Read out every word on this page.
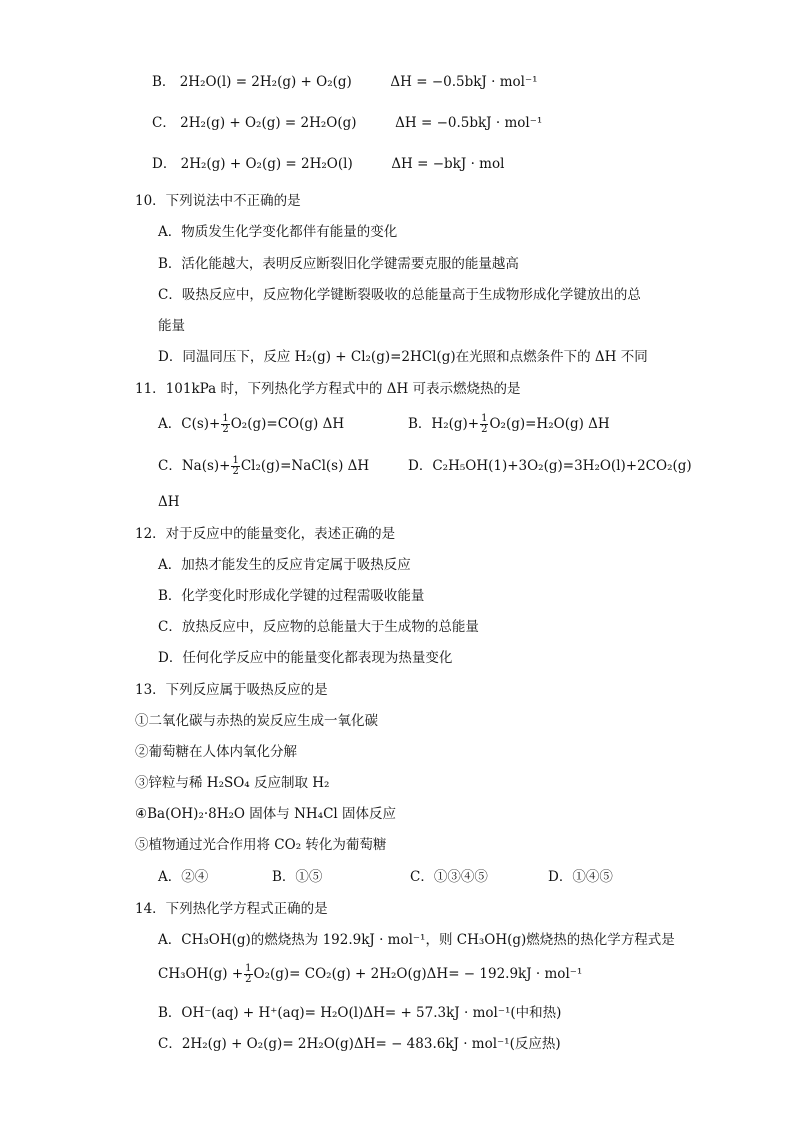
B． 2H₂O(l) = 2H₂(g) + O₂(g)	ΔH = −0.5bkJ · mol⁻¹
C． 2H₂(g) + O₂(g) = 2H₂O(g)	ΔH = −0.5bkJ · mol⁻¹
D． 2H₂(g) + O₂(g) = 2H₂O(l)	ΔH = −bkJ · mol
10．下列说法中不正确的是
A．物质发生化学变化都伴有能量的变化
B．活化能越大，表明反应断裂旧化学键需要克服的能量越高
C．吸热反应中，反应物化学键断裂吸收的总能量高于生成物形成化学键放出的总
能量
D．同温同压下，反应 H₂(g) + Cl₂(g)=2HCl(g)在光照和点燃条件下的 ΔH 不同
11．101kPa 时，下列热化学方程式中的 ΔH 可表示燃烧热的是
A．$C(s)+ \frac{1}{2} O_2(g)=CO(g)$ ΔH	B．$H_2(g)+ \frac{1}{2} O_2(g)=H_2O(g)$ ΔH
C．$Na(s)+ \frac{1}{2}$ Cl₂(g)=NaCl(s) ΔH	D．C₂H₅OH(1)+3O₂(g)=3H₂O(l)+2CO₂(g)
ΔH
12．对于反应中的能量变化，表述正确的是
A．加热才能发生的反应肯定属于吸热反应
B．化学变化时形成化学键的过程需吸收能量
C．放热反应中，反应物的总能量大于生成物的总能量
D．任何化学反应中的能量变化都表现为热量变化
13．下列反应属于吸热反应的是
①二氧化碳与赤热的炭反应生成一氧化碳
②葡萄糖在人体内氧化分解
③锌粒与稀 H₂SO₄ 反应制取 H₂
④Ba(OH)₂·8H₂O 固体与 NH₄Cl 固体反应
⑤植物通过光合作用将 CO₂ 转化为葡萄糖
A．②④	B．①⑤	C．①③④⑤	D．①④⑤
14．下列热化学方程式正确的是
A．CH₃OH(g)的燃烧热为 192.9kJ · mol⁻¹，则 CH₃OH(g)燃烧热的热化学方程式是
$CH_3OH(g) + \frac{1}{2} O_2(g)= CO_2(g) + 2H_2O(g)\Delta H= - 192.9kJ \cdot mol^{-1}$
B．OH⁻(aq) + H⁺(aq)= H₂O(l)ΔH= + 57.3kJ · mol⁻¹(中和热)
C．2H₂(g) + O₂(g)= 2H₂O(g)ΔH= − 483.6kJ · mol⁻¹(反应热)
